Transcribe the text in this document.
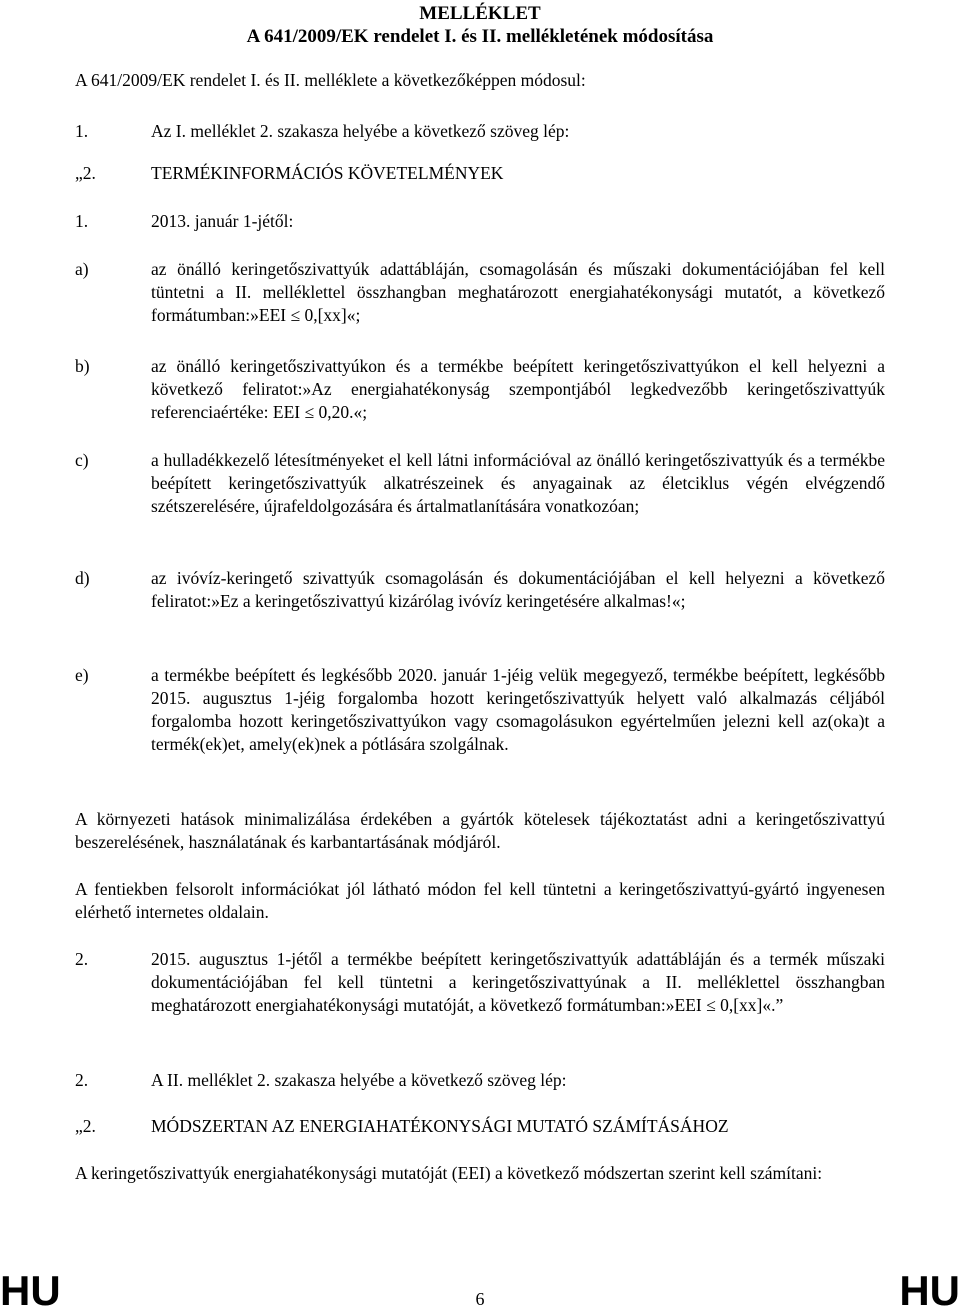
MELLÉKLET
A 641/2009/EK rendelet I. és II. mellékletének módosítása
A 641/2009/EK rendelet I. és II. melléklete a következőképpen módosul:
1.	Az I. melléklet 2. szakasza helyébe a következő szöveg lép:
„2.	TERMÉKINFORMÁCIÓS KÖVETELMÉNYEK
1.	2013. január 1-jétől:
a)	az önálló keringetőszivattyúk adattábláján, csomagolásán és műszaki dokumentációjában fel kell tüntetni a II. melléklettel összhangban meghatározott energiahatékonysági mutatót, a következő formátumban:»EEI ≤ 0,[xx]«;
b)	az önálló keringetőszivattyúkon és a termékbe beépített keringetőszivattyúkon el kell helyezni a következő feliratot:»Az energiahatékonyság szempontjából legkedvezőbb keringetőszivattyúk referenciaértéke: EEI ≤ 0,20.«;
c)	a hulladékkezelő létesítményeket el kell látni információval az önálló keringetőszivattyúk és a termékbe beépített keringetőszivattyúk alkatrészeinek és anyagainak az életciklus végén elvégzendő szétszerelésére, újrafeldolgozására és ártalmatlanítására vonatkozóan;
d)	az ivóvíz-keringető szivattyúk csomagolásán és dokumentációjában el kell helyezni a következő feliratot:»Ez a keringetőszivattyú kizárólag ivóvíz keringetésére alkalmas!«;
e)	a termékbe beépített és legkésőbb 2020. január 1-jéig velük megegyező, termékbe beépített, legkésőbb 2015. augusztus 1-jéig forgalomba hozott keringetőszivattyúk helyett való alkalmazás céljából forgalomba hozott keringetőszivattyúkon vagy csomagolásukon egyértelműen jelezni kell az(oka)t a termék(ek)et, amely(ek)nek a pótlására szolgálnak.
A környezeti hatások minimalizálása érdekében a gyártók kötelesek tájékoztatást adni a keringetőszivattyú beszerelésének, használatának és karbantartásának módjáról.
A fentiekben felsorolt információkat jól látható módon fel kell tüntetni a keringetőszivattyú-gyártó ingyenesen elérhető internetes oldalain.
2.	2015. augusztus 1-jétől a termékbe beépített keringetőszivattyúk adattábláján és a termék műszaki dokumentációjában fel kell tüntetni a keringetőszivattyúnak a II. melléklettel összhangban meghatározott energiahatékonysági mutatóját, a következő formátumban:»EEI ≤ 0,[xx]«.”
2.	A II. melléklet 2. szakasza helyébe a következő szöveg lép:
„2.	MÓDSZERTAN AZ ENERGIAHATÉKONYSÁGI MUTATÓ SZÁMÍTÁSÁHOZ
A keringetőszivattyúk energiahatékonysági mutatóját (EEI) a következő módszertan szerint kell számítani:
HU	HU
6
